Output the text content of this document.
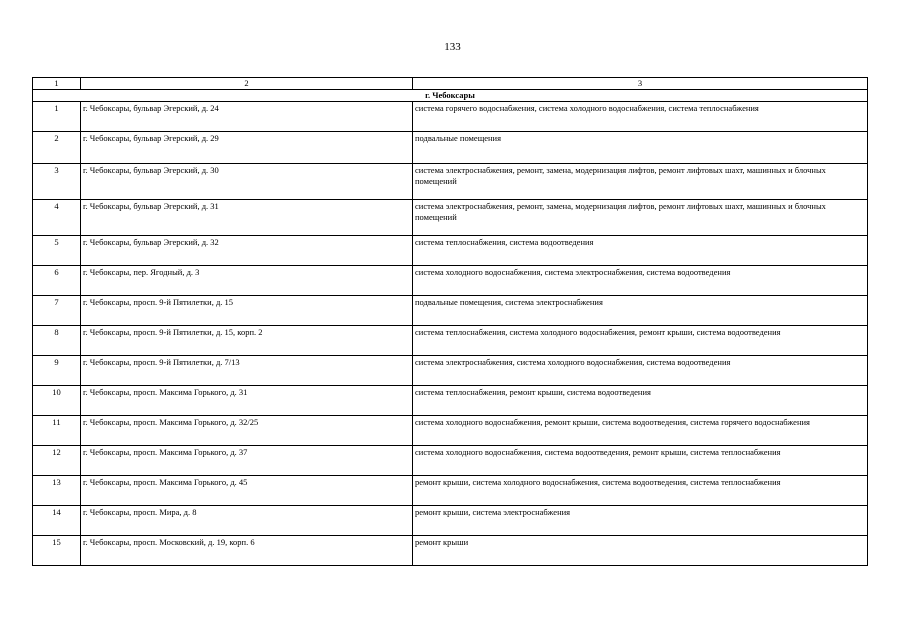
133
1	2	3
г. Чебоксары		
1	г. Чебоксары, бульвар Эгерский, д. 24	система горячего водоснабжения, система холодного водоснабжения, система теплоснабжения
2	г. Чебоксары, бульвар Эгерский, д. 29	подвальные помещения
3	г. Чебоксары, бульвар Эгерский, д. 30	система электроснабжения, ремонт, замена, модернизация лифтов, ремонт лифтовых шахт, машинных и блочных помещений
4	г. Чебоксары, бульвар Эгерский, д. 31	система электроснабжения, ремонт, замена, модернизация лифтов, ремонт лифтовых шахт, машинных и блочных помещений
5	г. Чебоксары, бульвар Эгерский, д. 32	система теплоснабжения, система водоотведения
6	г. Чебоксары, пер. Ягодный, д. 3	система холодного водоснабжения, система электроснабжения, система водоотведения
7	г. Чебоксары, просп. 9-й Пятилетки, д. 15	подвальные помещения, система электроснабжения
8	г. Чебоксары, просп. 9-й Пятилетки, д. 15, корп. 2	система теплоснабжения, система холодного водоснабжения, ремонт крыши, система водоотведения
9	г. Чебоксары, просп. 9-й Пятилетки, д. 7/13	система электроснабжения, система холодного водоснабжения, система водоотведения
10	г. Чебоксары, просп. Максима Горького, д. 31	система теплоснабжения, ремонт крыши, система водоотведения
11	г. Чебоксары, просп. Максима Горького, д. 32/25	система холодного водоснабжения, ремонт крыши, система водоотведения, система горячего водоснабжения
12	г. Чебоксары, просп. Максима Горького, д. 37	система холодного водоснабжения, система водоотведения, ремонт крыши, система теплоснабжения
13	г. Чебоксары, просп. Максима Горького, д. 45	ремонт крыши, система холодного водоснабжения, система водоотведения, система теплоснабжения
14	г. Чебоксары, просп. Мира, д. 8	ремонт крыши, система электроснабжения
15	г. Чебоксары, просп. Московский, д. 19, корп. 6	ремонт крыши
